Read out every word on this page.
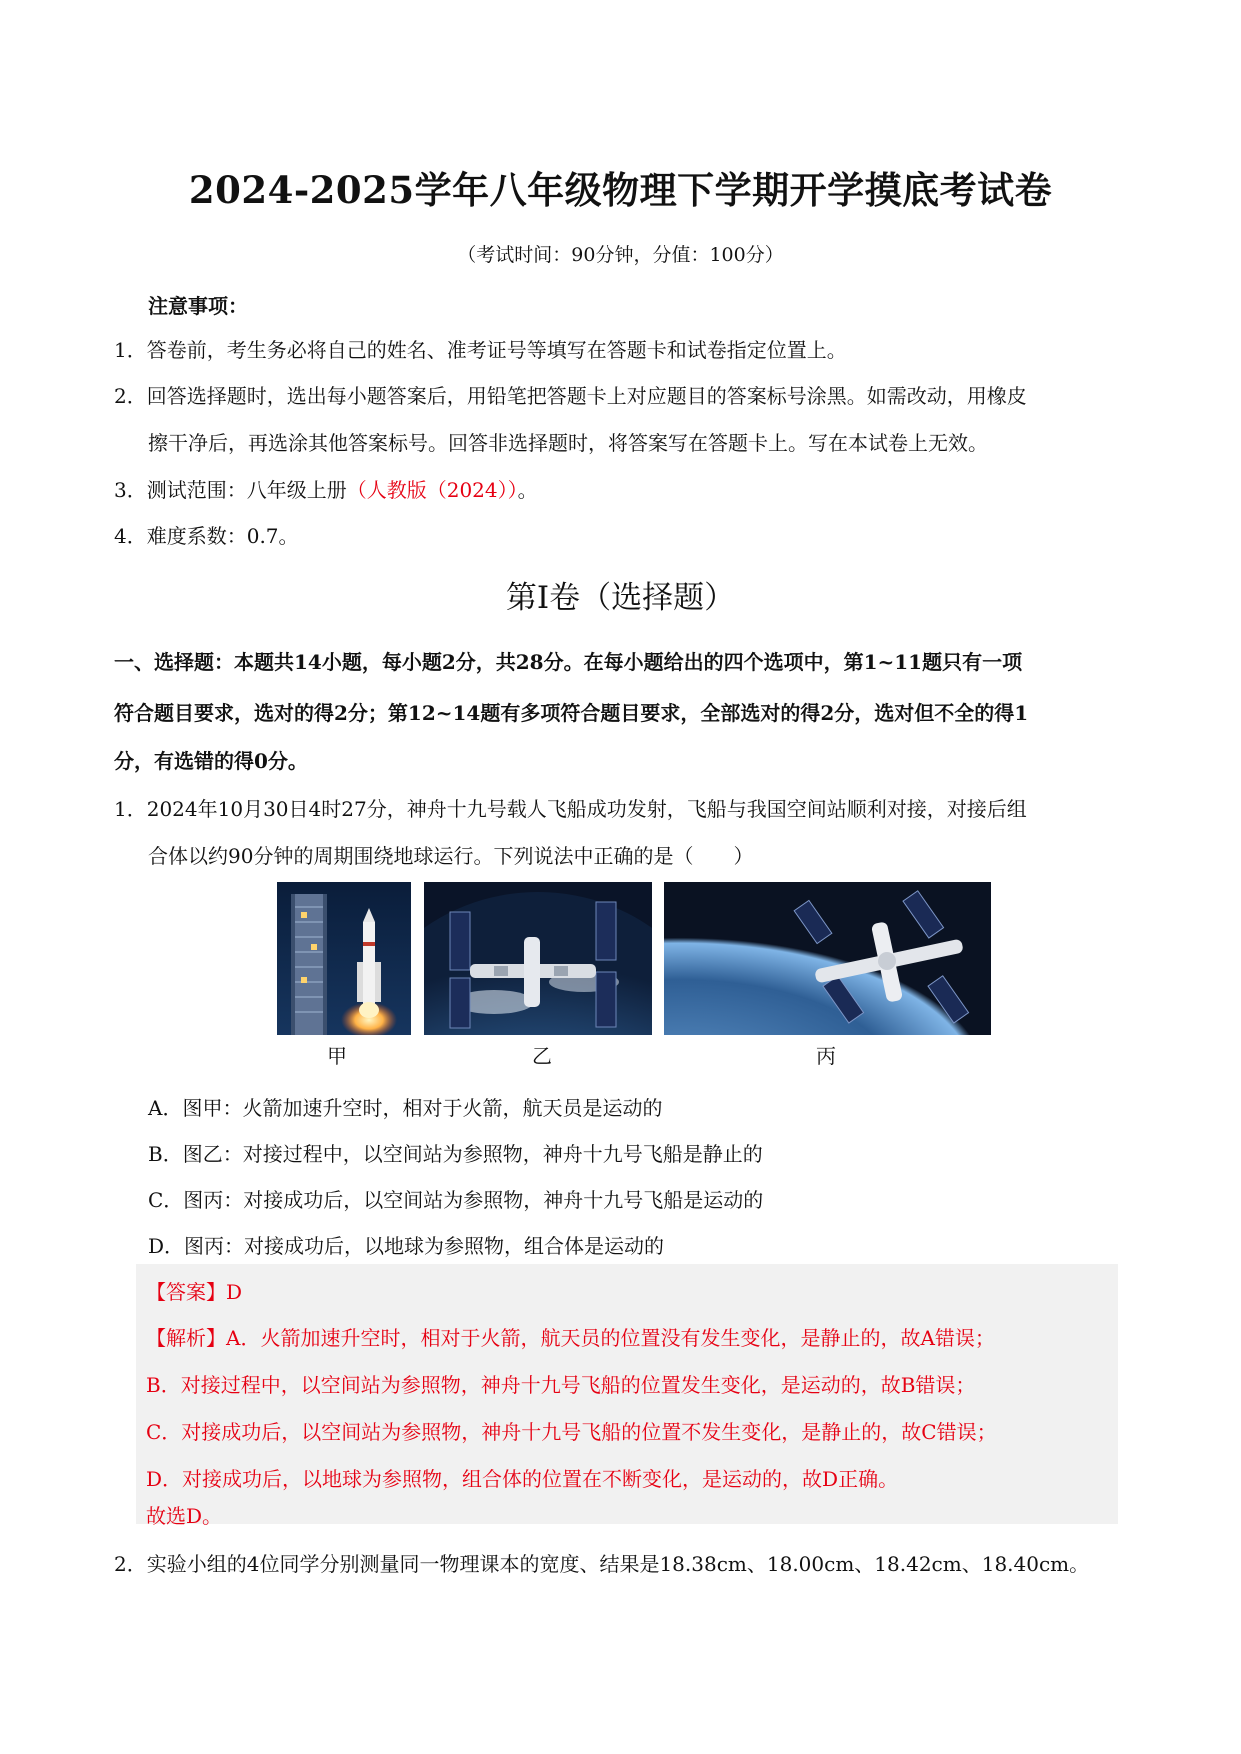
2024-2025学年八年级物理下学期开学摸底考试卷
（考试时间：90分钟，分值：100分）
注意事项：
1．答卷前，考生务必将自己的姓名、准考证号等填写在答题卡和试卷指定位置上。
2．回答选择题时，选出每小题答案后，用铅笔把答题卡上对应题目的答案标号涂黑。如需改动，用橡皮
擦干净后，再选涂其他答案标号。回答非选择题时，将答案写在答题卡上。写在本试卷上无效。
3．测试范围：八年级上册（人教版（2024））。
4．难度系数：0.7。
第Ⅰ卷（选择题）
一、选择题：本题共14小题，每小题2分，共28分。在每小题给出的四个选项中，第1~11题只有一项
符合题目要求，选对的得2分；第12~14题有多项符合题目要求，全部选对的得2分，选对但不全的得1
分，有选错的得0分。
1．2024年10月30日4时27分，神舟十九号载人飞船成功发射，飞船与我国空间站顺利对接，对接后组
合体以约90分钟的周期围绕地球运行。下列说法中正确的是（　　）
甲	乙	丙
A．图甲：火箭加速升空时，相对于火箭，航天员是运动的
B．图乙：对接过程中，以空间站为参照物，神舟十九号飞船是静止的
C．图丙：对接成功后，以空间站为参照物，神舟十九号飞船是运动的
D．图丙：对接成功后，以地球为参照物，组合体是运动的
【答案】D
【解析】A．火箭加速升空时，相对于火箭，航天员的位置没有发生变化，是静止的，故A错误；
B．对接过程中，以空间站为参照物，神舟十九号飞船的位置发生变化，是运动的，故B错误；
C．对接成功后，以空间站为参照物，神舟十九号飞船的位置不发生变化，是静止的，故C错误；
D．对接成功后，以地球为参照物，组合体的位置在不断变化，是运动的，故D正确。
故选D。
2．实验小组的4位同学分别测量同一物理课本的宽度、结果是18.38cm、18.00cm、18.42cm、18.40cm。
